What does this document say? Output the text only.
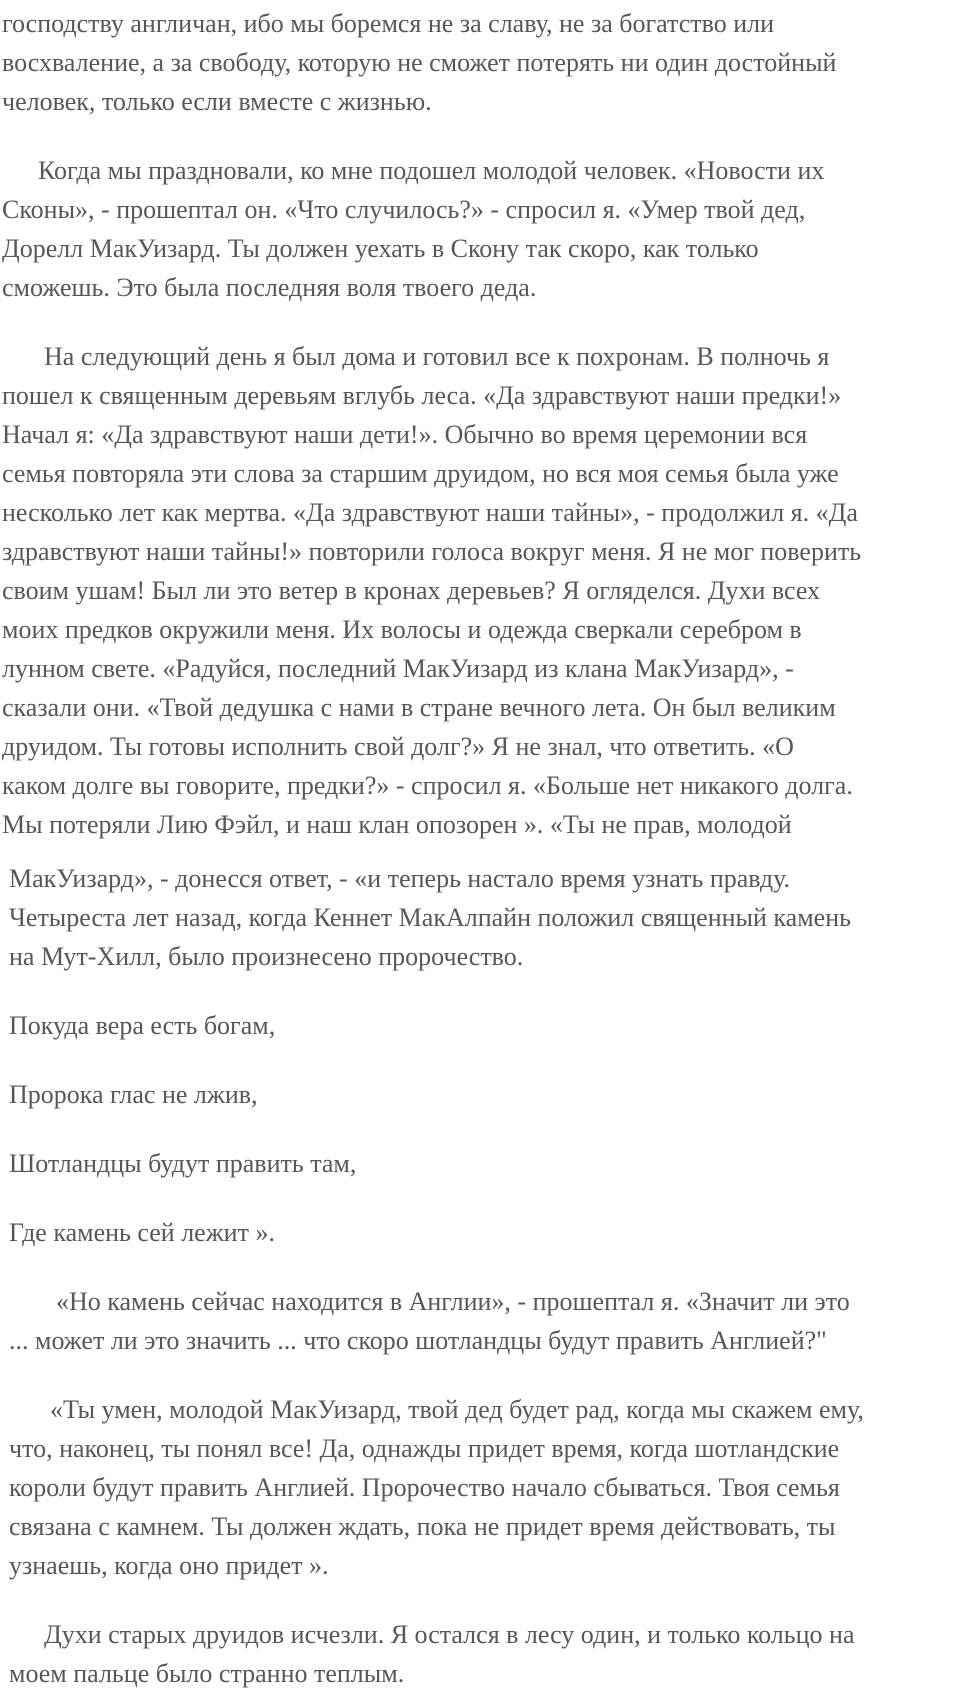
господству англичан, ибо мы боремся не за славу, не за богатство или
восхваление, а за свободу, которую не сможет потерять ни один достойный
человек, только если вместе с жизнью.
Когда мы праздновали, ко мне подошел молодой человек. «Новости их
Сконы», - прошептал он. «Что случилось?» - спросил я. «Умер твой дед,
Дорелл МакУизард. Ты должен уехать в Скону так скоро, как только
сможешь. Это была последняя воля твоего деда.
На следующий день я был дома и готовил все к похронам. В полночь я
пошел к священным деревьям вглубь леса. «Да здравствуют наши предки!»
Начал я: «Да здравствуют наши дети!». Обычно во время церемонии вся
семья повторяла эти слова за старшим друидом, но вся моя семья была уже
несколько лет как мертва. «Да здравствуют наши тайны», - продолжил я. «Да
здравствуют наши тайны!» повторили голоса вокруг меня. Я не мог поверить
своим ушам! Был ли это ветер в кронах деревьев? Я огляделся. Духи всех
моих предков окружили меня. Их волосы и одежда сверкали серебром в
лунном свете. «Радуйся, последний МакУизард из клана МакУизард», -
сказали они. «Твой дедушка с нами в стране вечного лета. Он был великим
друидом. Ты готовы исполнить свой долг?» Я не знал, что ответить. «О
каком долге вы говорите, предки?» - спросил я. «Больше нет никакого долга.
Мы потеряли Лию Фэйл, и наш клан опозорен ». «Ты не прав, молодой
МакУизард», - донесся ответ, - «и теперь настало время узнать правду.
Четыреста лет назад, когда Кеннет МакАлпайн положил священный камень
на Мут-Хилл, было произнесено пророчество.
Покуда вера есть богам,
Пророка глас не лжив,
Шотландцы будут править там,
Где камень сей лежит ».
«Но камень сейчас находится в Англии», - прошептал я. «Значит ли это
... может ли это значить ... что скоро шотландцы будут править Англией?"
«Ты умен, молодой МакУизард, твой дед будет рад, когда мы скажем ему,
что, наконец, ты понял все! Да, однажды придет время, когда шотландские
короли будут править Англией. Пророчество начало сбываться. Твоя семья
связана с камнем. Ты должен ждать, пока не придет время действовать, ты
узнаешь, когда оно придет ».
Духи старых друидов исчезли. Я остался в лесу один, и только кольцо на
моем пальце было странно теплым.
